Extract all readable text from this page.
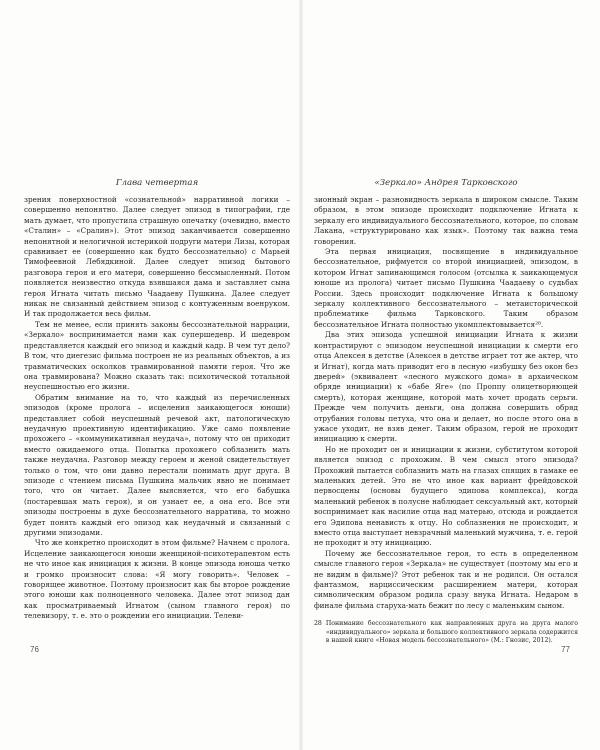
Глава четвертая

зрения поверхностной «сознательной» нарративной логики – совершенно непонятно. Далее следует эпизод в типографии, где мать думает, что пропустила страшную опечатку (очевидно, вместо «Сталин» – «Сралин»). Этот эпизод заканчивается совершенно непонятной и нелогичной истерикой подруги матери Лизы, которая сравнивает ее (совершенно как будто бессознательно) с Марьей Тимофеевной Лебядкиной. Далее следует эпизод бытового разговора героя и его матери, совершенно бессмысленный. Потом появляется неизвестно откуда взявшаяся дама и заставляет сына героя Игната читать письмо Чаадаеву Пушкина. Далее следует никак не связанный действием эпизод с контуженным военруком. И так продолжается весь фильм.

Тем не менее, если принять законы бессознательной наррации, «Зеркало» воспринимается нами как супершедевр. И шедевром представляется каждый его эпизод и каждый кадр. В чем тут дело? В том, что диегезис фильма построен не из реальных объектов, а из травматических осколков травмированной памяти героя. Что же она травмирована? Можно сказать так: психотической тотальной неуспешностью его жизни.

Обратим внимание на то, что каждый из перечисленных эпизодов (кроме пролога – исцеления заикающегося юноши) представляет собой неуспешный речевой акт, патологическую неудачную проективную идентификацию. Уже само появление прохожего – «коммуникативная неудача», потому что он приходит вместо ожидаемого отца. Попытка прохожего соблазнить мать также неудачна. Разговор между героем и женой свидетельствует только о том, что они давно перестали понимать друг друга. В эпизоде с чтением письма Пушкина мальчик явно не понимает того, что он читает. Далее выясняется, что его бабушка (постаревшая мать героя), и он узнает ее, а она его. Все эти эпизоды построены в духе бессознательного нарратива, то можно будет понять каждый его эпизод как неудачный и связанный с другими эпизодами.

Что же конкретно происходит в этом фильме? Начнем с пролога. Исцеление заикающегося юноши женщиной-психотерапевтом есть не что иное как инициация к жизни. В конце эпизода юноша четко и громко произносит слова: «Я могу говорить». Человек – говорящее животное. Поэтому произносит как бы второе рождение этого юноши как полноценного человека. Далее этот эпизод дан как просматриваемый Игнатом (сыном главного героя) по телевизору, т. е. это о рождении его инициации. Телеви-

76
«Зеркало» Андрея Тарковского

зионный экран – разновидность зеркала в широком смысле. Таким образом, в этом эпизоде происходит подключение Игната к зеркалу его индивидуального бессознательного, которое, по словам Лакана, «структурировано как язык». Поэтому так важна тема говорения.

Эта первая инициация, посвящение в индивидуальное бессознательное, рифмуется со второй инициацией, эпизодом, в котором Игнат запинающимся голосом (отсылка к заикающемуся юноше из пролога) читает письмо Пушкина Чаадаеву о судьбах России. Здесь происходит подключение Игната к большому зеркалу коллективного бессознательного – метаисторической проблематике фильма Тарковского. Таким образом бессознательное Игната полностью укомплектовывается²⁸.

Два этих эпизода успешной инициации Игната к жизни контрастируют с эпизодом неуспешной инициации к смерти его отца Алексея в детстве (Алексея в детстве играет тот же актер, что и Игнат), когда мать приводит его в лесную «избушку без окон без дверей» (эквивалент «лесного мужского дома» в архаическом обряде инициации) к «бабе Яге» (по Проппу олицетворяющей смерть), которая женщине, которой мать хочет продать серьги. Прежде чем получить деньги, она должна совершить обряд отрубания головы петуха, что она и делает, но после этого она в ужасе уходит, не взяв денег. Таким образом, герой не проходит инициацию к смерти.

Но не проходит он и инициации к жизни, субститутом которой является эпизод с прохожим. В чем смысл этого эпизода? Прохожий пытается соблазнить мать на глазах спящих в гамаке ее маленьких детей. Это не что иное как вариант фрейдовской первосцены (основы будущего эдипова комплекса), когда маленький ребенок в полусне наблюдает сексуальный акт, который воспринимает как насилие отца над матерью, отсюда и рождается его Эдипова ненависть к отцу. Но соблазнения не происходит, и вместо отца выступает невзрачный маленький мужчина, т. е. герой не проходит и эту инициацию.

Почему же бессознательное героя, то есть в определенном смысле главного героя «Зеркала» не существует (поэтому мы его и не видим в фильме)? Этот ребенок так и не родился. Он остался фантазмом, нарциссическим расширением матери, которая символическим образом родила сразу внука Игната. Недаром в финале фильма старуха-мать бежит по лесу с маленьким сыном.

28 Понимание бессознательного как направленных друга на друга малого «индивидуального» зеркала и большого коллективного зеркала содержится в нашей книге «Новая модель бессознательного» (М.: Гнозис, 2012).
77
